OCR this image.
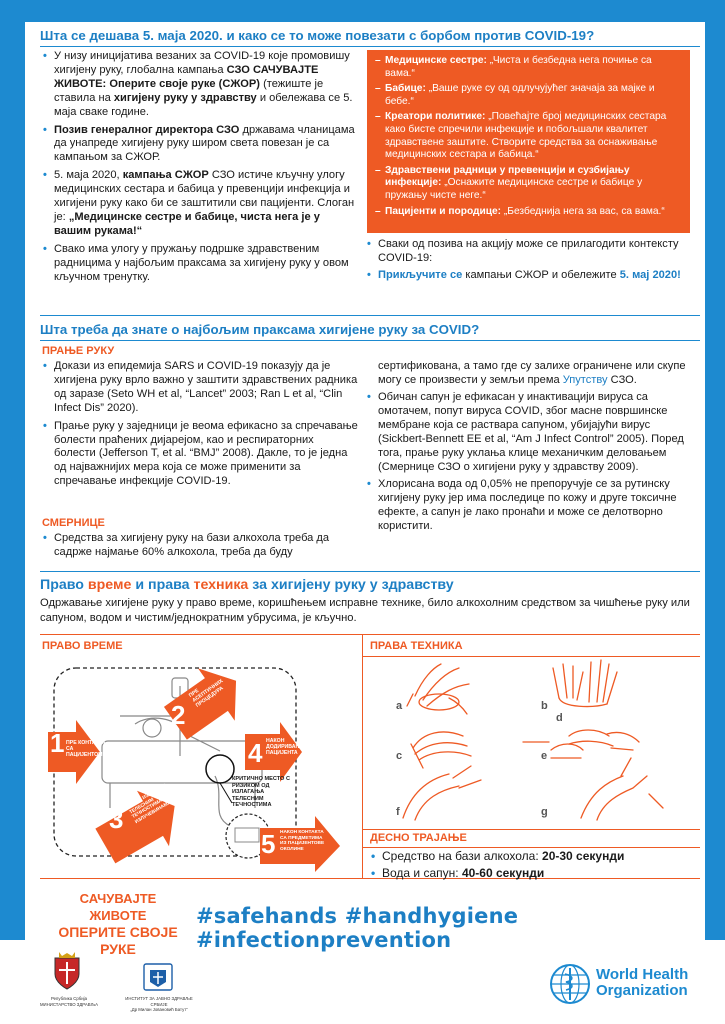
Шта се дешава 5. маја 2020. и како се то може повезати с борбом против COVID-19?
• У низу иницијатива везаних за COVID-19 које промовишу хигијену руку, глобална кампања СЗО САЧУВАЈТЕ ЖИВОТЕ: Оперите своје руке (СЖОР) (тежиште је ставила на хигијену руку у здравству и обележава се 5. маја сваке године.
• Позив генералног директора СЗО државама чланицама да унапреде хигијену руку широм света повезан је са кампањом за СЖОР.
• 5. маја 2020, кампања СЖОР СЗО истиче кључну улогу медицинских сестара и бабица у превенцији инфекција и хигијени руку како би се заштитили сви пацијенти. Слоган је: „Медицинске сестре и бабице, чиста нега је у вашим рукама!“
• Свако има улогу у пружању подршке здравственим радницима у најбољим праксама за хигијену руку у овом кључном тренутку.
– Медицинске сестре: „Чиста и безбедна нега почиње са вама.“
– Бабице: „Ваше руке су од одлучујућег значаја за мајке и бебе.“
– Креатори политике: „Повећајте број медицинских сестара како бисте спречили инфекције и побољшали квалитет здравствене заштите. Створите средства за оснаживање медицинских сестара и бабица.“
– Здравствени радници у превенцији и сузбијању инфекције: „Оснажите медицинске сестре и бабице у пружању чисте неге.“
– Пацијенти и породице: „Безбеднија нега за вас, са вама.“
• Сваки од позива на акцију може се прилагодити контексту COVID-19:
• Прикључите се кампањи СЖОР и обележите 5. мај 2020!
Шта треба да знате о најбољим праксама хигијене руку за COVID?
ПРАЊЕ РУКУ
• Докази из епидемија SARS и COVID-19 показују да је хигијена руку врло важно у заштити здравствених радника од заразе (Seto WH et al, “Lancet” 2003; Ran L et al, “Clin Infect Dis” 2020).
• Прање руку у заједници је веома ефикасно за спречавање болести праћених дијарејом, као и респираторних болести (Jefferson T, et al. “BMJ” 2008). Дакле, то је једна од најважнијих мера која се може применити за спречавање инфекције COVID-19.
СМЕРНИЦЕ
• Средства за хигијену руку на бази алкохола треба да садрже најмање 60% алкохола, треба да буду
сертификована, а тамо где су залихе ограничене или скупе могу се произвести у земљи према Упутству СЗО.
• Обичан сапун је ефикасан у инактивацији вируса са омотачем, попут вируса COVID, због масне површинске мембране која се раствара сапуном, убијајући вирус (Sickbert-Bennett EE et al, “Am J Infect Control” 2005). Поред тога, прање руку уклања клице механичким деловањем (Смернице СЗО о хигијени руку у здравству 2009).
• Хлорисана вода од 0,05% не препоручује се за рутинску хигијену руку јер има последице по кожу и друге токсичне ефекте, а сапун је лако пронаћи и може се делотворно користити.
Право време и права техника за хигијену руку у здравству
Одржавање хигијене руку у право време, коришћењем исправне технике, било алкохолним средством за чишћење руку или сапуном, водом и чистим/једнократним убрусима, је кључно.
ПРАВО ВРЕМЕ	ПРАВА ТЕХНИКА
1 ПРЕ КОНТАКТА СА ПАЦИЈЕНТОМ
2
ПРЕ АСЕПТИЧНИХ ПРОЦЕДУРА
3
НАКОН ИЗЛАГАЊА ТЕЛЕСНИМ ТЕЧНОСТИМА И ИЗЛУЧЕВИНАМА
4 НАКОН ДОДИРИВАЊА ПАЦИЈЕНТА
5 НАКОН КОНТАКТА СА ПРЕДМЕТИМА ИЗ ПАЦИЈЕНТОВЕ ОКОЛИНЕ
КРИТИЧНО МЕСТО С РИЗИКОМ ОД ИЗЛАГАЊА ТЕЛЕСНИМ ТЕЧНОСТИМА
a	b
c	e
d
f	g
ДЕСНО ТРАЈАЊЕ
• Средство на бази алкохола: 20-30 секунди
• Вода и сапун: 40-60 секунди
САЧУВАЈТЕ ЖИВОТЕ
ОПЕРИТЕ СВОЈЕ РУКЕ
#safehands #handhygiene #infectionprevention
Република Србија
МИНИСТАРСТВО ЗДРАВЉА
ИНСТИТУТ ЗА ЈАВНО ЗДРАВЉЕ СРБИЈЕ
„Др Милан Јовановић Батут“
World Health
Organization
